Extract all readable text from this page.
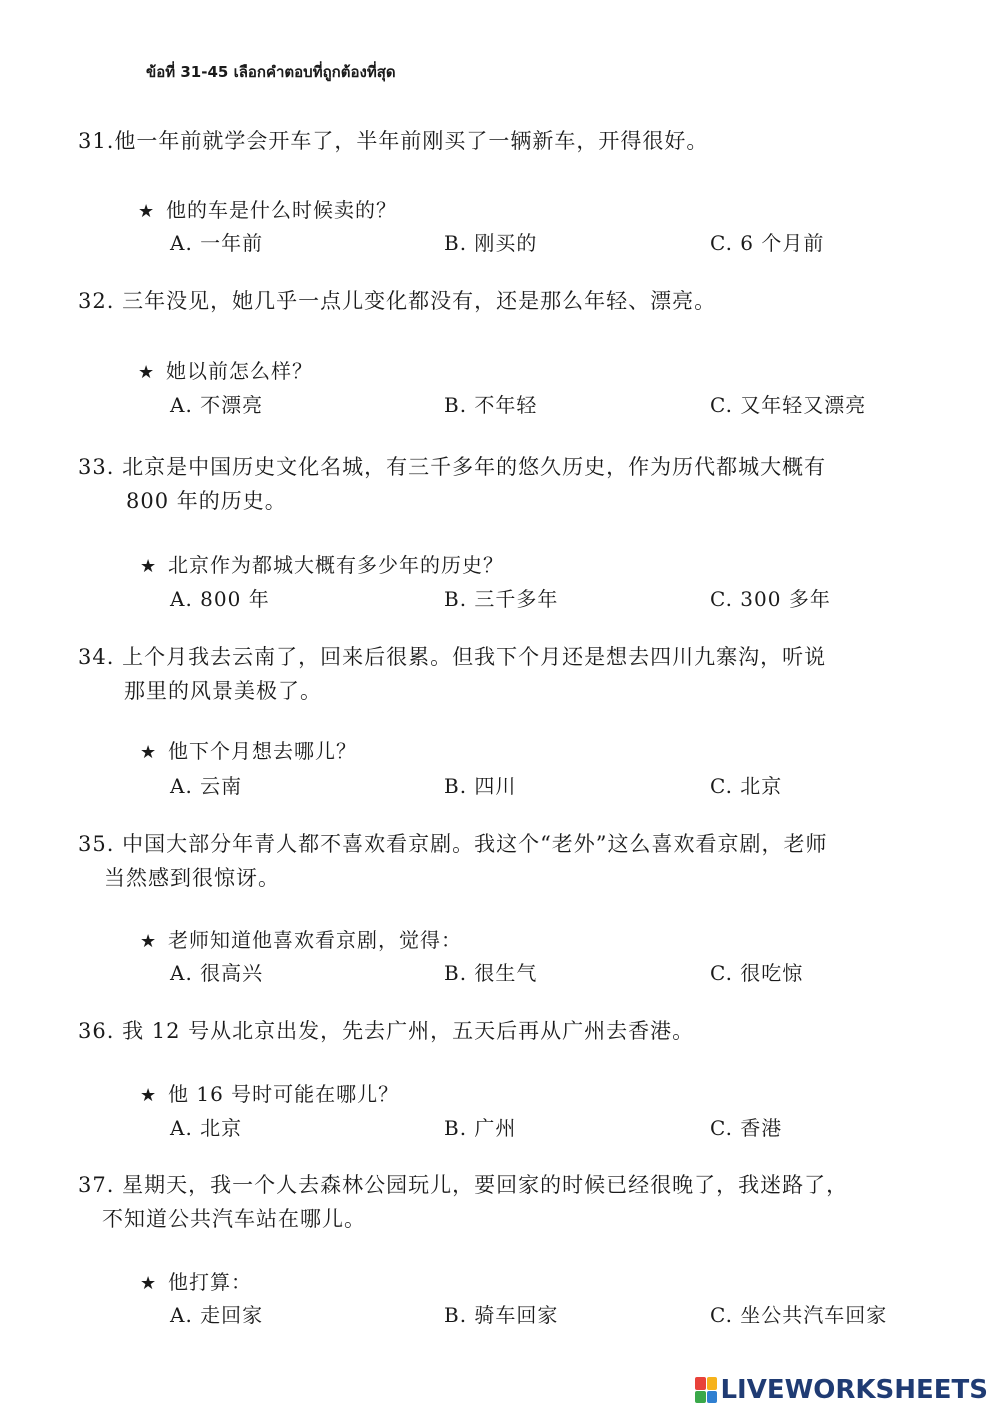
ข้อที่ 31-45 เลือกคำตอบที่ถูกต้องที่สุด
31.他一年前就学会开车了，半年前刚买了一辆新车，开得很好。
★ 他的车是什么时候卖的？
A. 一年前	B. 刚买的	C. 6 个月前
32. 三年没见，她几乎一点儿变化都没有，还是那么年轻、漂亮。
★ 她以前怎么样？
A. 不漂亮	B. 不年轻	C. 又年轻又漂亮
33. 北京是中国历史文化名城，有三千多年的悠久历史，作为历代都城大概有
800 年的历史。
★ 北京作为都城大概有多少年的历史？
A. 800 年	B. 三千多年	C. 300 多年
34. 上个月我去云南了，回来后很累。但我下个月还是想去四川九寨沟，听说
那里的风景美极了。
★ 他下个月想去哪儿？
A. 云南	B. 四川	C. 北京
35. 中国大部分年青人都不喜欢看京剧。我这个“老外”这么喜欢看京剧，老师
当然感到很惊讶。
★ 老师知道他喜欢看京剧，觉得：
A. 很高兴	B. 很生气	C. 很吃惊
36. 我 12 号从北京出发，先去广州，五天后再从广州去香港。
★ 他 16 号时可能在哪儿？
A. 北京	B. 广州	C. 香港
37. 星期天，我一个人去森林公园玩儿，要回家的时候已经很晚了，我迷路了，
不知道公共汽车站在哪儿。
★ 他打算：
A. 走回家	B. 骑车回家	C. 坐公共汽车回家
LIVEWORKSHEETS
